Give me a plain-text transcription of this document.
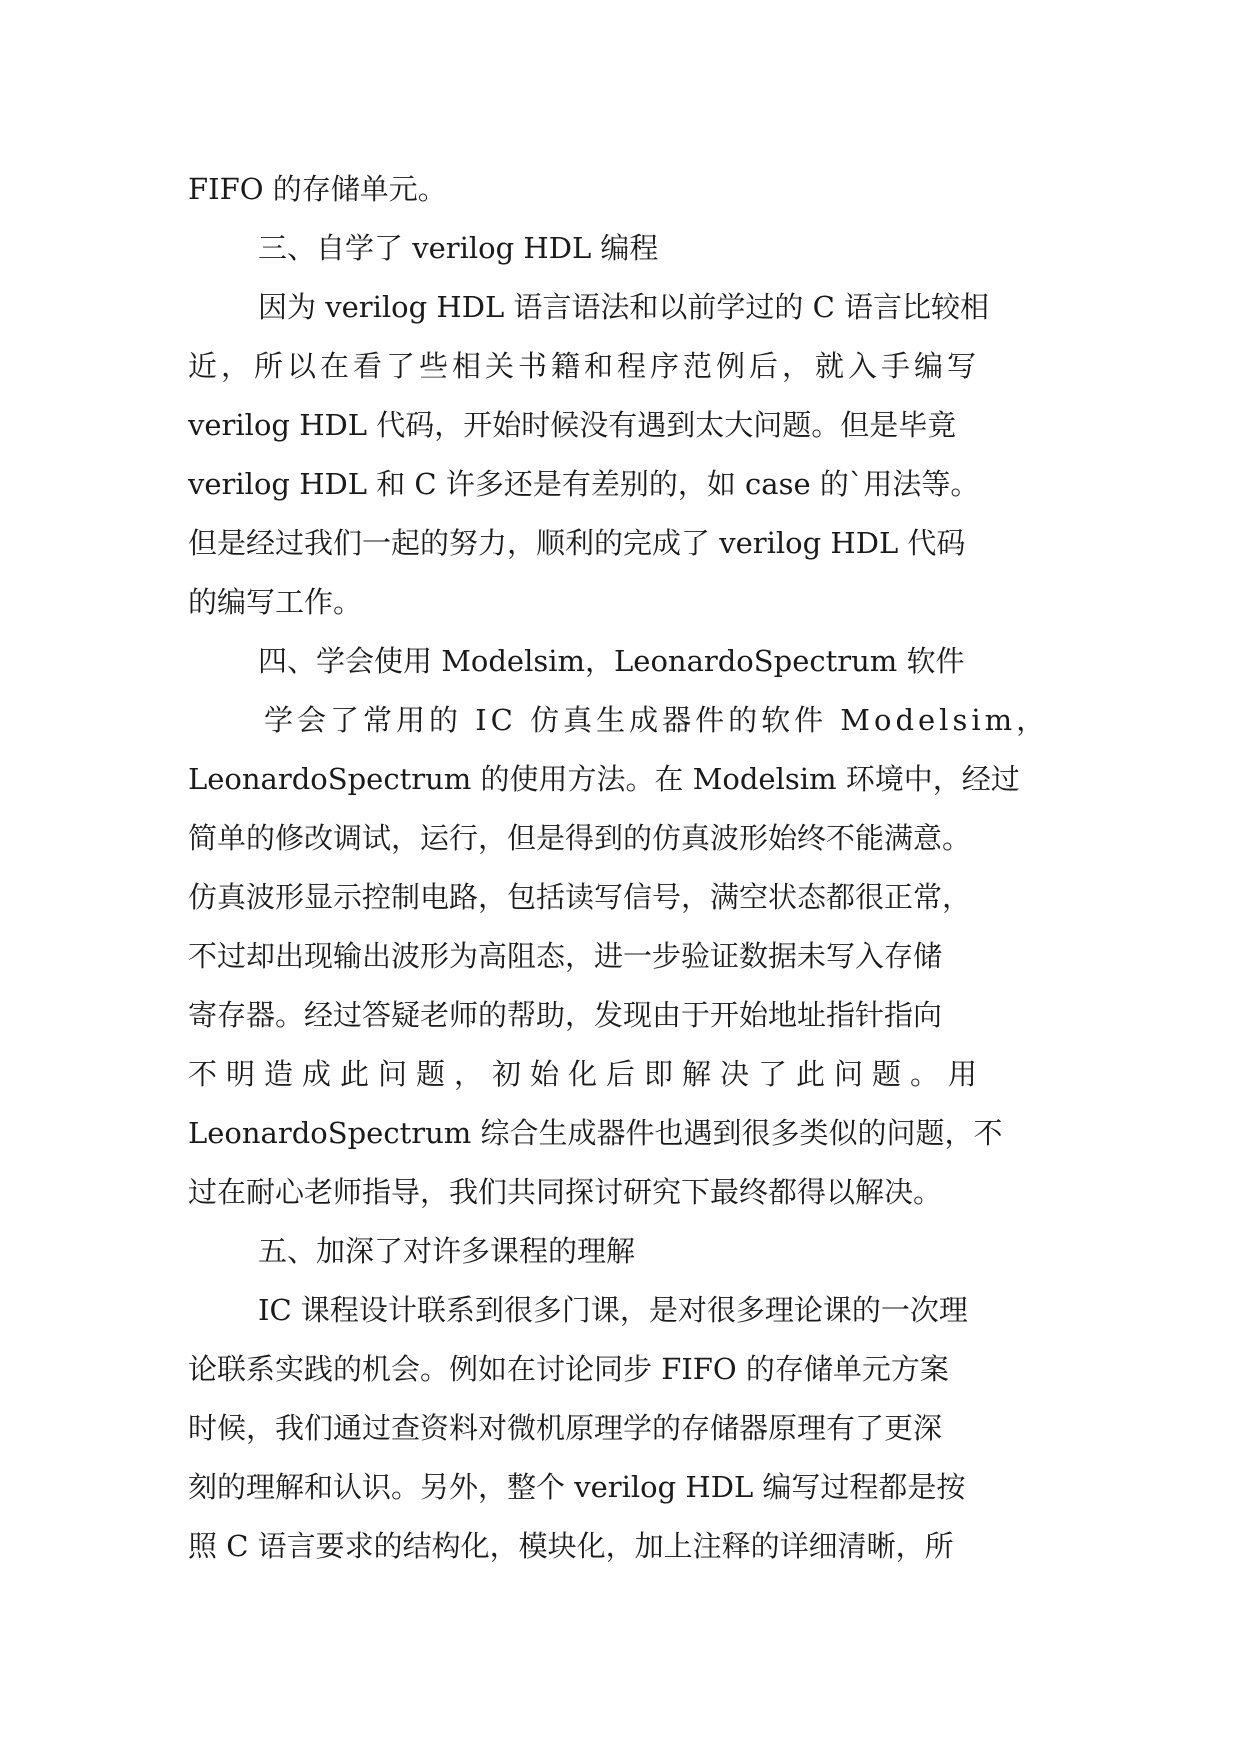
FIFO 的存储单元。
三、自学了 verilog HDL 编程
因为 verilog HDL 语言语法和以前学过的 C 语言比较相
近，所以在看了些相关书籍和程序范例后，就入手编写
verilog HDL 代码，开始时候没有遇到太大问题。但是毕竟
verilog HDL 和 C 许多还是有差别的，如 case 的`用法等。
但是经过我们一起的努力，顺利的完成了 verilog HDL 代码
的编写工作。
四、学会使用 Modelsim，LeonardoSpectrum 软件
学会了常用的 IC 仿真生成器件的软件 Modelsim，
LeonardoSpectrum 的使用方法。在 Modelsim 环境中，经过
简单的修改调试，运行，但是得到的仿真波形始终不能满意。
仿真波形显示控制电路，包括读写信号，满空状态都很正常，
不过却出现输出波形为高阻态，进一步验证数据未写入存储
寄存器。经过答疑老师的帮助，发现由于开始地址指针指向
不明造成此问题，初始化后即解决了此问题。用
LeonardoSpectrum 综合生成器件也遇到很多类似的问题，不
过在耐心老师指导，我们共同探讨研究下最终都得以解决。
五、加深了对许多课程的理解
IC 课程设计联系到很多门课，是对很多理论课的一次理
论联系实践的机会。例如在讨论同步 FIFO 的存储单元方案
时候，我们通过查资料对微机原理学的存储器原理有了更深
刻的理解和认识。另外，整个 verilog HDL 编写过程都是按
照 C 语言要求的结构化，模块化，加上注释的详细清晰，所
